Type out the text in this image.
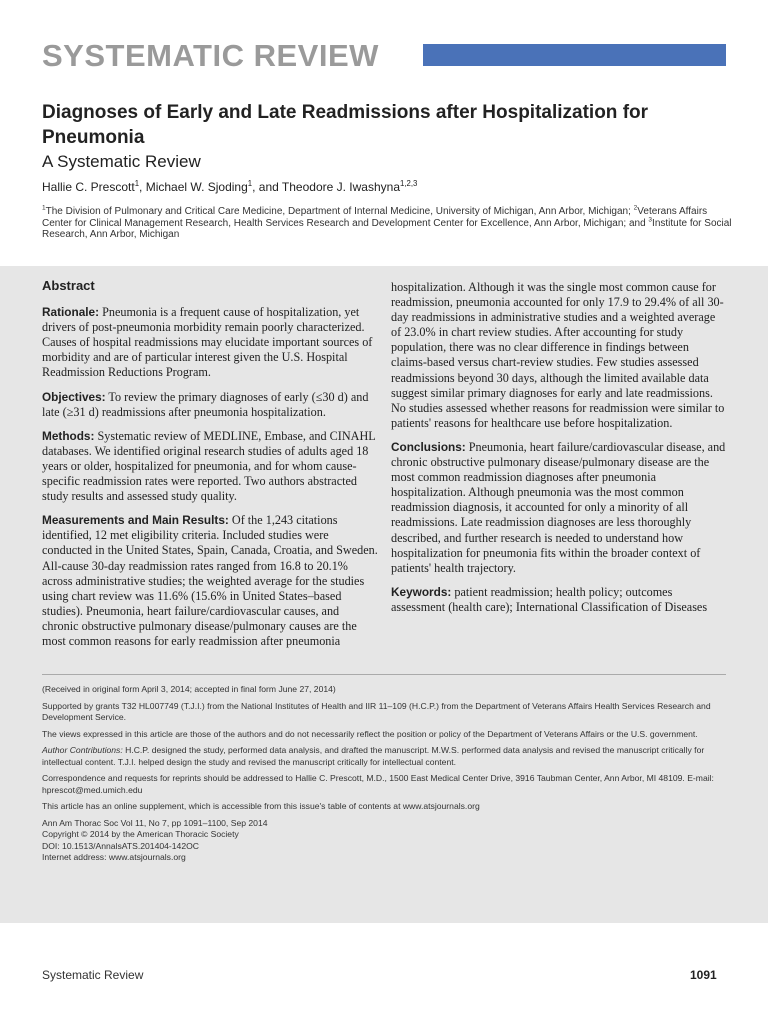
SYSTEMATIC REVIEW
Diagnoses of Early and Late Readmissions after Hospitalization for Pneumonia
A Systematic Review
Hallie C. Prescott$^1$, Michael W. Sjoding$^1$, and Theodore J. Iwashyna$^{1,2,3}$
$^1$The Division of Pulmonary and Critical Care Medicine, Department of Internal Medicine, University of Michigan, Ann Arbor, Michigan; $^2$Veterans Affairs Center for Clinical Management Research, Health Services Research and Development Center for Excellence, Ann Arbor, Michigan; and $^3$Institute for Social Research, Ann Arbor, Michigan
Abstract

Rationale: Pneumonia is a frequent cause of hospitalization, yet drivers of post-pneumonia morbidity remain poorly characterized. Causes of hospital readmissions may elucidate important sources of morbidity and are of particular interest given the U.S. Hospital Readmission Reductions Program.

Objectives: To review the primary diagnoses of early (≤30 d) and late (≥31 d) readmissions after pneumonia hospitalization.

Methods: Systematic review of MEDLINE, Embase, and CINAHL databases. We identified original research studies of adults aged 18 years or older, hospitalized for pneumonia, and for whom cause-specific readmission rates were reported. Two authors abstracted study results and assessed study quality.

Measurements and Main Results: Of the 1,243 citations identified, 12 met eligibility criteria. Included studies were conducted in the United States, Spain, Canada, Croatia, and Sweden. All-cause 30-day readmission rates ranged from 16.8 to 20.1% across administrative studies; the weighted average for the studies using chart review was 11.6% (15.6% in United States–based studies). Pneumonia, heart failure/cardiovascular causes, and chronic obstructive pulmonary disease/pulmonary causes are the most common reasons for early readmission after pneumonia

hospitalization. Although it was the single most common cause for readmission, pneumonia accounted for only 17.9 to 29.4% of all 30-day readmissions in administrative studies and a weighted average of 23.0% in chart review studies. After accounting for study population, there was no clear difference in findings between claims-based versus chart-review studies. Few studies assessed readmissions beyond 30 days, although the limited available data suggest similar primary diagnoses for early and late readmissions. No studies assessed whether reasons for readmission were similar to patients' reasons for healthcare use before hospitalization.

Conclusions: Pneumonia, heart failure/cardiovascular disease, and chronic obstructive pulmonary disease/pulmonary disease are the most common readmission diagnoses after pneumonia hospitalization. Although pneumonia was the most common readmission diagnosis, it accounted for only a minority of all readmissions. Late readmission diagnoses are less thoroughly described, and further research is needed to understand how hospitalization for pneumonia fits within the broader context of patients' health trajectory.

Keywords: patient readmission; health policy; outcomes assessment (health care); International Classification of Diseases

(Received in original form April 3, 2014; accepted in final form June 27, 2014)

Supported by grants T32 HL007749 (T.J.I.) from the National Institutes of Health and IIR 11–109 (H.C.P.) from the Department of Veterans Affairs Health Services Research and Development Service.

The views expressed in this article are those of the authors and do not necessarily reflect the position or policy of the Department of Veterans Affairs or the U.S. government.

Author Contributions: H.C.P. designed the study, performed data analysis, and drafted the manuscript. M.W.S. performed data analysis and revised the manuscript critically for intellectual content. T.J.I. helped design the study and revised the manuscript critically for intellectual content.

Correspondence and requests for reprints should be addressed to Hallie C. Prescott, M.D., 1500 East Medical Center Drive, 3916 Taubman Center, Ann Arbor, MI 48109. E-mail: hprescot@med.umich.edu

This article has an online supplement, which is accessible from this issue's table of contents at www.atsjournals.org

Ann Am Thorac Soc Vol 11, No 7, pp 1091–1100, Sep 2014

Copyright © 2014 by the American Thoracic Society

DOI: 10.1513/AnnalsATS.201404-142OC

Internet address: www.atsjournals.org

Systematic Review	1091
